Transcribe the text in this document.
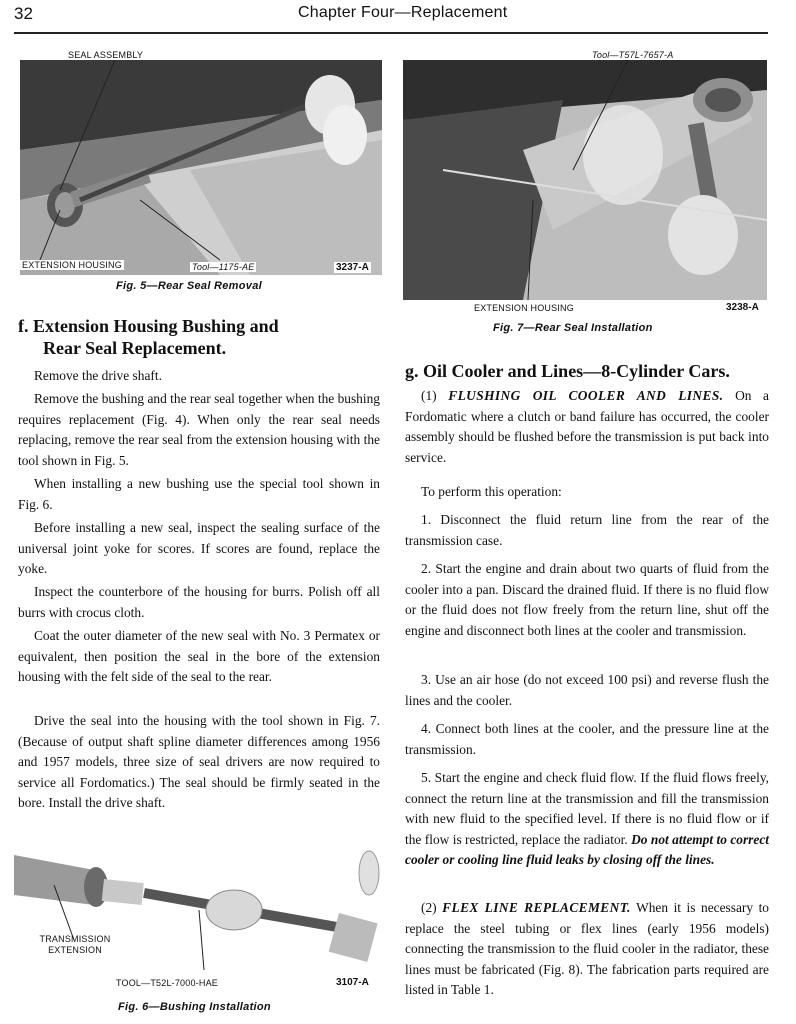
32	Chapter Four—Replacement
SEAL ASSEMBLY
EXTENSION HOUSING	Tool—1175-AE	3237-A
Fig. 5—Rear Seal Removal
f. Extension Housing Bushing and
Rear Seal Replacement.

Remove the drive shaft.

Remove the bushing and the rear seal together when the bushing requires replacement (Fig. 4). When only the rear seal needs replacing, remove the rear seal from the extension housing with the tool shown in Fig. 5.

When installing a new bushing use the special tool shown in Fig. 6.

Before installing a new seal, inspect the sealing surface of the universal joint yoke for scores. If scores are found, replace the yoke.

Inspect the counterbore of the housing for burrs. Polish off all burrs with crocus cloth.

Coat the outer diameter of the new seal with No. 3 Permatex or equivalent, then position the seal in the bore of the extension housing with the felt side of the seal to the rear.

Drive the seal into the housing with the tool shown in Fig. 7. (Because of output shaft spline diameter differences among 1956 and 1957 models, three size of seal drivers are now required to service all Fordomatics.) The seal should be firmly seated in the bore. Install the drive shaft.

TRANSMISSION EXTENSION
TOOL—T52L-7000-HAE	3107-A
Fig. 6—Bushing Installation
Tool—T57L-7657-A
EXTENSION HOUSING	3238-A
Fig. 7—Rear Seal Installation
g. Oil Cooler and Lines—8-Cylinder Cars.

(1) FLUSHING OIL COOLER AND LINES. On a Fordomatic where a clutch or band failure has occurred, the cooler assembly should be flushed before the transmission is put back into service.

To perform this operation:

1. Disconnect the fluid return line from the rear of the transmission case.

2. Start the engine and drain about two quarts of fluid from the cooler into a pan. Discard the drained fluid. If there is no fluid flow or the fluid does not flow freely from the return line, shut off the engine and disconnect both lines at the cooler and transmission.

3. Use an air hose (do not exceed 100 psi) and reverse flush the lines and the cooler.

4. Connect both lines at the cooler, and the pressure line at the transmission.

5. Start the engine and check fluid flow. If the fluid flows freely, connect the return line at the transmission and fill the transmission with new fluid to the specified level. If there is no fluid flow or if the flow is restricted, replace the radiator. Do not attempt to correct cooler or cooling line fluid leaks by closing off the lines.

(2) FLEX LINE REPLACEMENT. When it is necessary to replace the steel tubing or flex lines (early 1956 models) connecting the transmission to the fluid cooler in the radiator, these lines must be fabricated (Fig. 8). The fabrication parts required are listed in Table 1.
